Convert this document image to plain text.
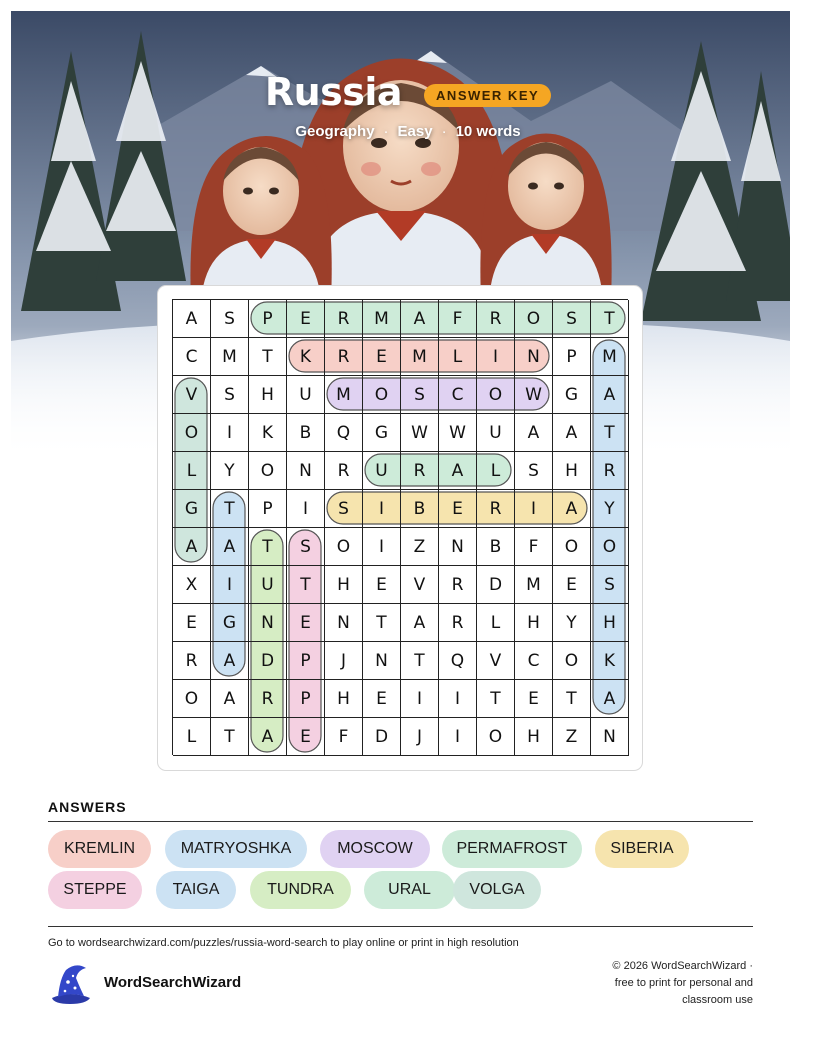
Russia	ANSWER KEY
Geography · Easy · 10 words
A	S	P	E	R	M	A	F	R	O	S	T
C	M	T	K	R	E	M	L	I	N	P	M
V	S	H	U	M	O	S	C	O	W	G	A
O	I	K	B	Q	G	W	W	U	A	A	T
L	Y	O	N	R	U	R	A	L	S	H	R
G	T	P	I	S	I	B	E	R	I	A	Y
A	A	T	S	O	I	Z	N	B	F	O	O
X	I	U	T	H	E	V	R	D	M	E	S
E	G	N	E	N	T	A	R	L	H	Y	H
R	A	D	P	J	N	T	Q	V	C	O	K
O	A	R	P	H	E	I	I	T	E	T	A
L	T	A	E	F	D	J	I	O	H	Z	N
ANSWERS
KREMLIN	MATRYOSHKA	MOSCOW	PERMAFROST	SIBERIA
STEPPE	TAIGA	TUNDRA	URAL	VOLGA
Go to wordsearchwizard.com/puzzles/russia-word-search to play online or print in high resolution
WordSearchWizard
© 2026 WordSearchWizard ·
free to print for personal and
classroom use
